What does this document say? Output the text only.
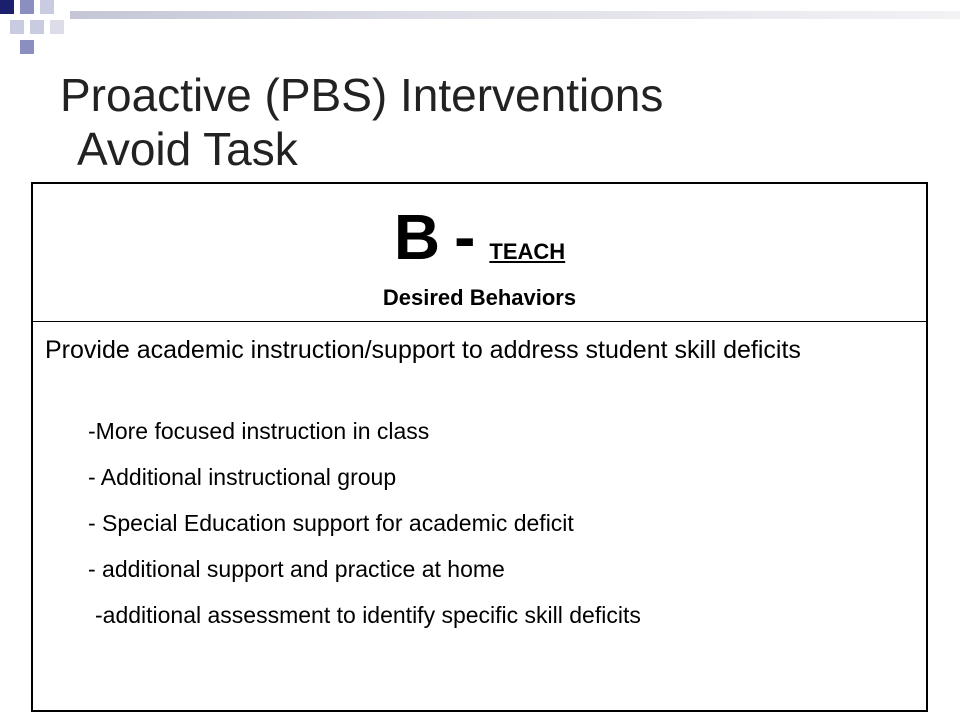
Proactive (PBS) Interventions
Avoid Task
B - TEACH
Desired Behaviors

Provide academic instruction/support to address student skill deficits

-More focused instruction in class
- Additional instructional group
- Special Education support for academic deficit
- additional support and practice at home
-additional assessment to identify specific skill deficits
